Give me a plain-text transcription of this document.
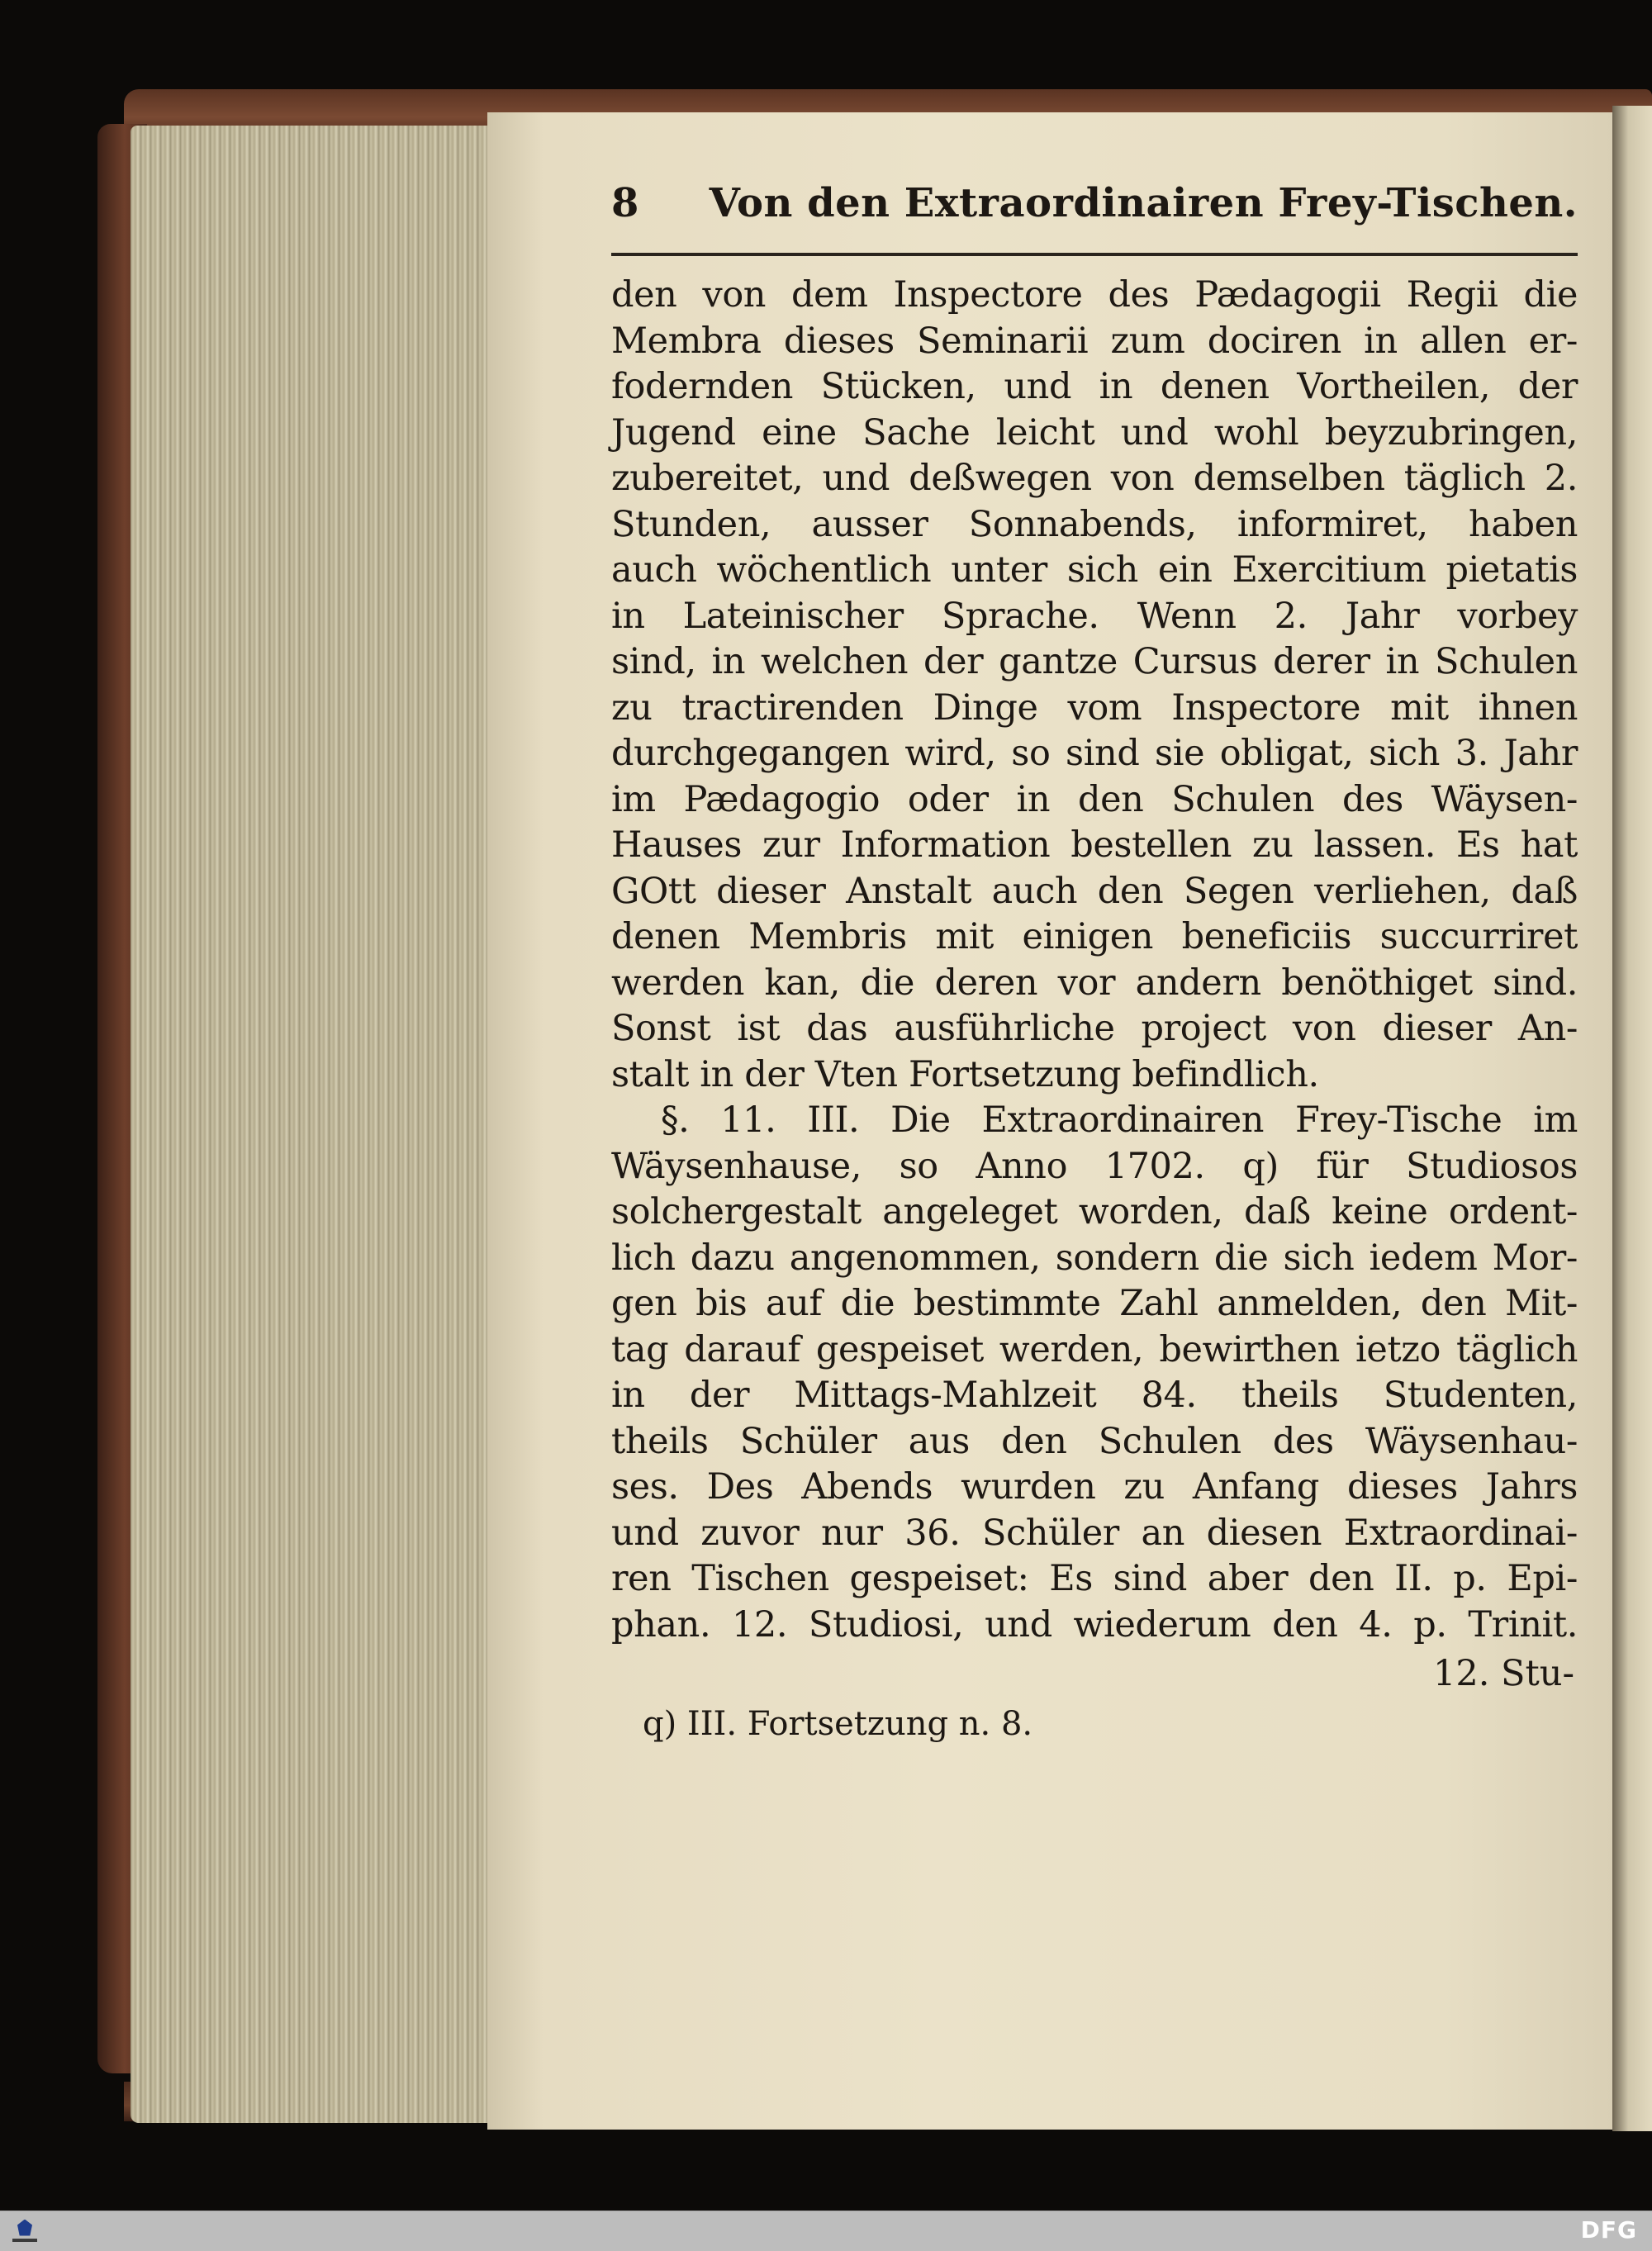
8 Von den Extraordinairen Frey-Tischen.
den von dem Inspectore des Pædagogii Regii die
Membra dieses Seminarii zum dociren in allen er-
fodernden Stücken, und in denen Vortheilen, der
Jugend eine Sache leicht und wohl beyzubringen,
zubereitet, und deßwegen von demselben täglich 2.
Stunden, ausser Sonnabends, informiret, haben
auch wöchentlich unter sich ein Exercitium pietatis
in Lateinischer Sprache. Wenn 2. Jahr vorbey
sind, in welchen der gantze Cursus derer in Schulen
zu tractirenden Dinge vom Inspectore mit ihnen
durchgegangen wird, so sind sie obligat, sich 3. Jahr
im Pædagogio oder in den Schulen des Wäysen-
Hauses zur Information bestellen zu lassen. Es hat
GOtt dieser Anstalt auch den Segen verliehen, daß
denen Membris mit einigen beneficiis succurriret
werden kan, die deren vor andern benöthiget sind.
Sonst ist das ausführliche project von dieser An-
stalt in der Vten Fortsetzung befindlich.
§. 11. III. Die Extraordinairen Frey-Tische im
Wäysenhause, so Anno 1702. q) für Studiosos
solchergestalt angeleget worden, daß keine ordent-
lich dazu angenommen, sondern die sich iedem Mor-
gen bis auf die bestimmte Zahl anmelden, den Mit-
tag darauf gespeiset werden, bewirthen ietzo täglich
in der Mittags-Mahlzeit 84. theils Studenten,
theils Schüler aus den Schulen des Wäysenhau-
ses. Des Abends wurden zu Anfang dieses Jahrs
und zuvor nur 36. Schüler an diesen Extraordinai-
ren Tischen gespeiset: Es sind aber den II. p. Epi-
phan. 12. Studiosi, und wiederum den 4. p. Trinit.
12. Stu-
q) III. Fortsetzung n. 8.
DFG
